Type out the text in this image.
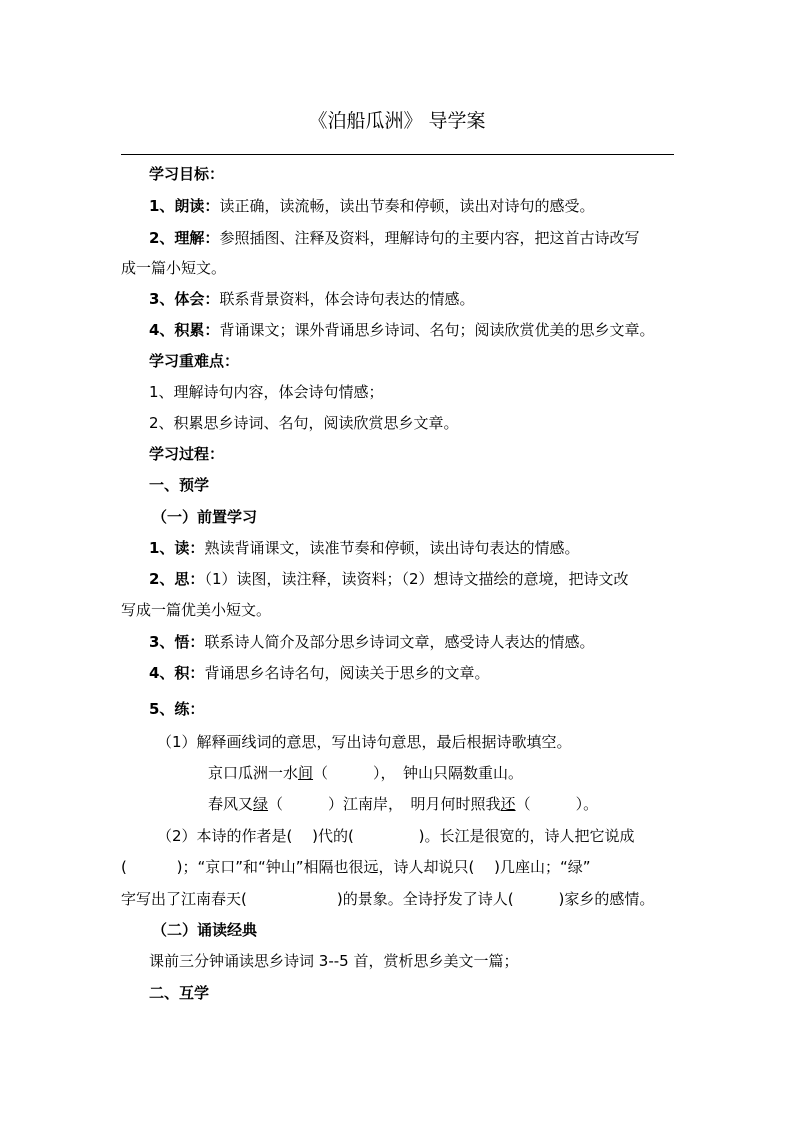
《泊船瓜洲》 导学案
学习目标：
1、朗读：读正确，读流畅，读出节奏和停顿，读出对诗句的感受。
2、理解：参照插图、注释及资料，理解诗句的主要内容，把这首古诗改写
成一篇小短文。
3、体会：联系背景资料，体会诗句表达的情感。
4、积累：背诵课文；课外背诵思乡诗词、名句；阅读欣赏优美的思乡文章。
学习重难点：
1、理解诗句内容，体会诗句情感；
2、积累思乡诗词、名句，阅读欣赏思乡文章。
学习过程：
一、预学
（一）前置学习
1、读：熟读背诵课文，读准节奏和停顿，读出诗句表达的情感。
2、思：（1）读图，读注释，读资料；（2）想诗文描绘的意境，把诗文改
写成一篇优美小短文。
3、悟：联系诗人简介及部分思乡诗词文章，感受诗人表达的情感。
4、积：背诵思乡名诗名句，阅读关于思乡的文章。
5、练：
（1）解释画线词的意思，写出诗句意思，最后根据诗歌填空。
京口瓜洲一水间（　　　），　钟山只隔数重山。
春风又绿（　　　）江南岸，　明月何时照我还（　　　）。
（2）本诗的作者是(　 )代的(　　　　 )。长江是很宽的，诗人把它说成
(　　　 )；“京口”和“钟山”相隔也很远，诗人却说只(　 )几座山；“绿”
字写出了江南春天(　　　　　　)的景象。全诗抒发了诗人(　　　)家乡的感情。
（二）诵读经典
课前三分钟诵读思乡诗词 3--5 首，赏析思乡美文一篇；
二、互学
